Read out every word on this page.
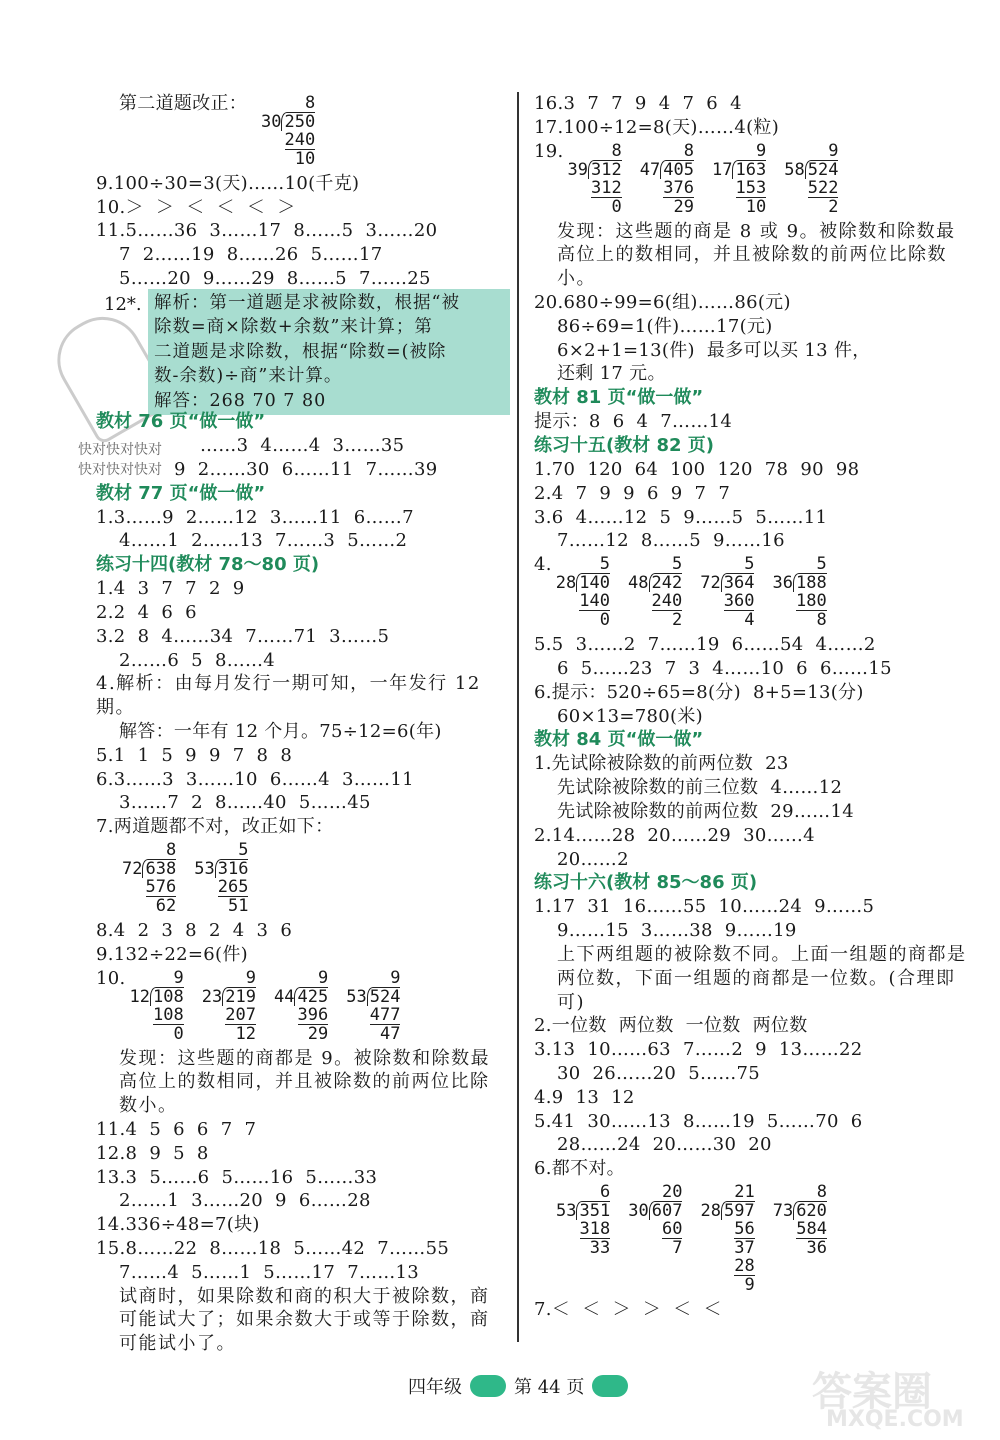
第二道题改正：	8
30 250
240
10
9.100÷30=3(天)……10(千克)
10.＞  ＞  ＜  ＜  ＜  ＞
11.5……36  3……17  8……5  3……20
7  2……19  8……26  5……17
5……20  9……29  8……5  7……25
12*. 解析：第一道题是求被除数，根据“被
除数=商×除数+余数”来计算；第
二道题是求除数，根据“除数=(被除
数-余数)÷商”来计算。
解答：268 70 7 80
教材 76 页“做一做”
……3  4……4  3……35
9  2……30  6……11  7……39
教材 77 页“做一做”
1.3……9  2……12  3……11  6……7
4……1  2……13  7……3  5……2
练习十四(教材 78～80 页)
1.4  3  7  7  2  9
2.2  4  6  6
3.2  8  4……34  7……71  3……5
2……6  5  8……4
4.解析：由每月发行一期可知，一年发行 12 期。
解答：一年有 12 个月。75÷12=6(年)
5.1  1  5  9  9  7  8  8
6.3……3  3……10  6……4  3……11
3……7  2  8……40  5……45
7.两道题都不对，改正如下：
8
72 638
576
62
5
53 316
265
51
8.4  2  3  8  2  4  3  6
9.132÷22=6(件)
10.	9
12 108
108
0
9
23 219
207
12
9
44 425
396
29
9
53 524
477
47
发现：这些题的商都是 9。被除数和除数最高位上的数相同，并且被除数的前两位比除数小。
11.4  5  6  6  7  7
12.8  9  5  8
13.3  5……6  5……16  5……33
2……1  3……20  9  6……28
14.336÷48=7(块)
15.8……22  8……18  5……42  7……55
7……4  5……1  5……17  7……13
试商时，如果除数和商的积大于被除数，商可能试大了；如果余数大于或等于除数，商可能试小了。
快对快对快对
快对快对快对
16.3  7  7  9  4  7  6  4
17.100÷12=8(天)……4(粒)
19.	8
39 312
312
0
8
47 405
376
29
9
17 163
153
10
9
58 524
522
2
发现：这些题的商是 8 或 9。被除数和除数最高位上的数相同，并且被除数的前两位比除数小。
20.680÷99=6(组)……86(元)
86÷69=1(件)……17(元)
6×2+1=13(件)  最多可以买 13 件，
还剩 17 元。
教材 81 页“做一做”
提示：8  6  4  7……14
练习十五(教材 82 页)
1.70  120  64  100  120  78  90  98
2.4  7  9  9  6  9  7  7
3.6  4……12  5  9……5  5……11
7……12  8……5  9……16
4.	5
28 140
140
0
5
48 242
240
2
5
72 364
360
4
5
36 188
180
8
5.5  3……2  7……19  6……54  4……2
6  5……23  7  3  4……10  6  6……15
6.提示：520÷65=8(分)  8+5=13(分)
60×13=780(米)
教材 84 页“做一做”
1.先试除被除数的前两位数  23
先试除被除数的前三位数  4……12
先试除被除数的前两位数  29……14
2.14……28  20……29  30……4
20……2
练习十六(教材 85～86 页)
1.17  31  16……55  10……24  9……5
9……15  3……38  9……19
上下两组题的被除数不同。上面一组题的商都是两位数，下面一组题的商都是一位数。(合理即可)
2.一位数  两位数  一位数  两位数
3.13  10……63  7……2  9  13……22
30  26……20  5……75
4.9  13  12
5.41  30……13  8……19  5……70  6
28……24  20……30  20
6.都不对。
6
53 351
318
33
20
30 607
60
7
21
28 597
56
37
28
9
8
73 620
584
36
7.＜  ＜  ＞  ＞  ＜  ＜
四年级	第 44 页	答案圈
MXQE.COM
